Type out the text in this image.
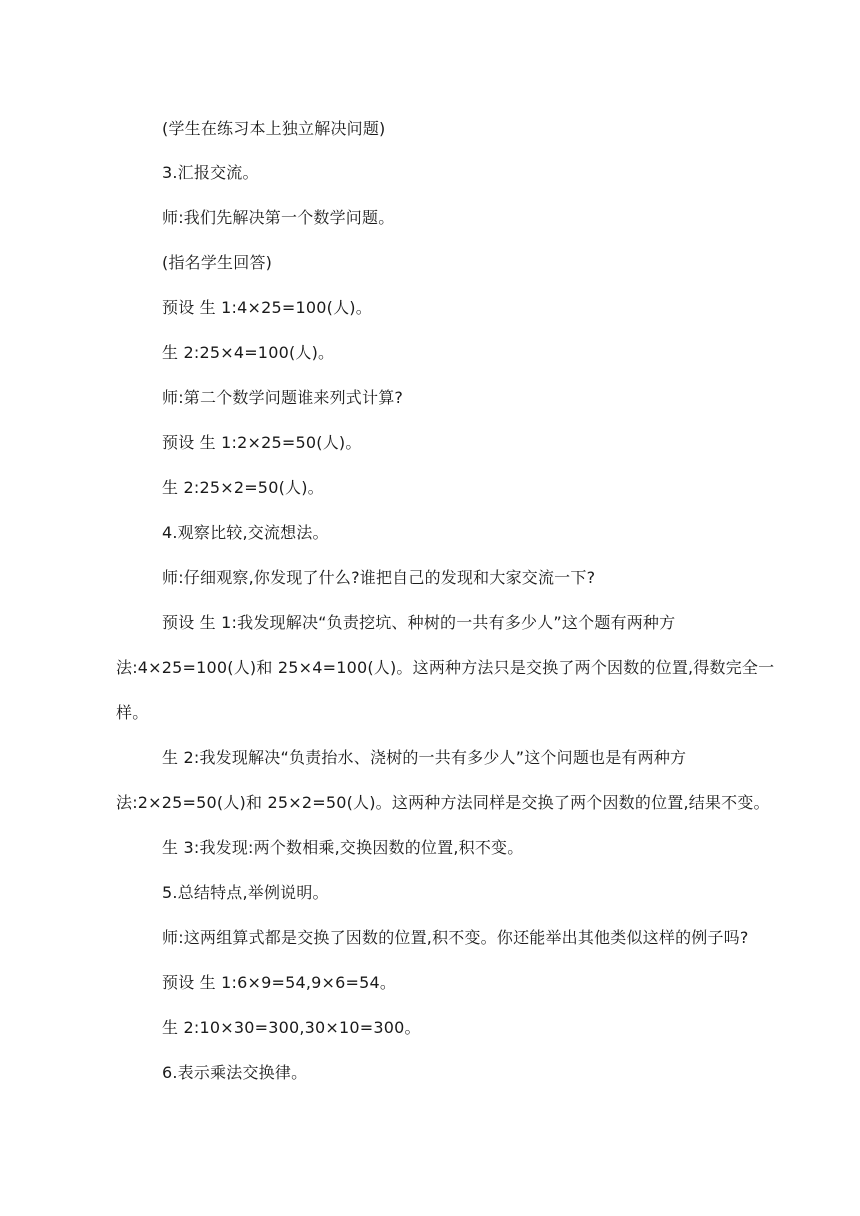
(学生在练习本上独立解决问题)
3.汇报交流。
师:我们先解决第一个数学问题。
(指名学生回答)
预设 生 1:4×25=100(人)。
生 2:25×4=100(人)。
师:第二个数学问题谁来列式计算?
预设 生 1:2×25=50(人)。
生 2:25×2=50(人)。
4.观察比较,交流想法。
师:仔细观察,你发现了什么?谁把自己的发现和大家交流一下?
预设 生 1:我发现解决“负责挖坑、种树的一共有多少人”这个题有两种方
法:4×25=100(人)和 25×4=100(人)。这两种方法只是交换了两个因数的位置,得数完全一
样。
生 2:我发现解决“负责抬水、浇树的一共有多少人”这个问题也是有两种方
法:2×25=50(人)和 25×2=50(人)。这两种方法同样是交换了两个因数的位置,结果不变。
生 3:我发现:两个数相乘,交换因数的位置,积不变。
5.总结特点,举例说明。
师:这两组算式都是交换了因数的位置,积不变。你还能举出其他类似这样的例子吗?
预设 生 1:6×9=54,9×6=54。
生 2:10×30=300,30×10=300。
6.表示乘法交换律。
